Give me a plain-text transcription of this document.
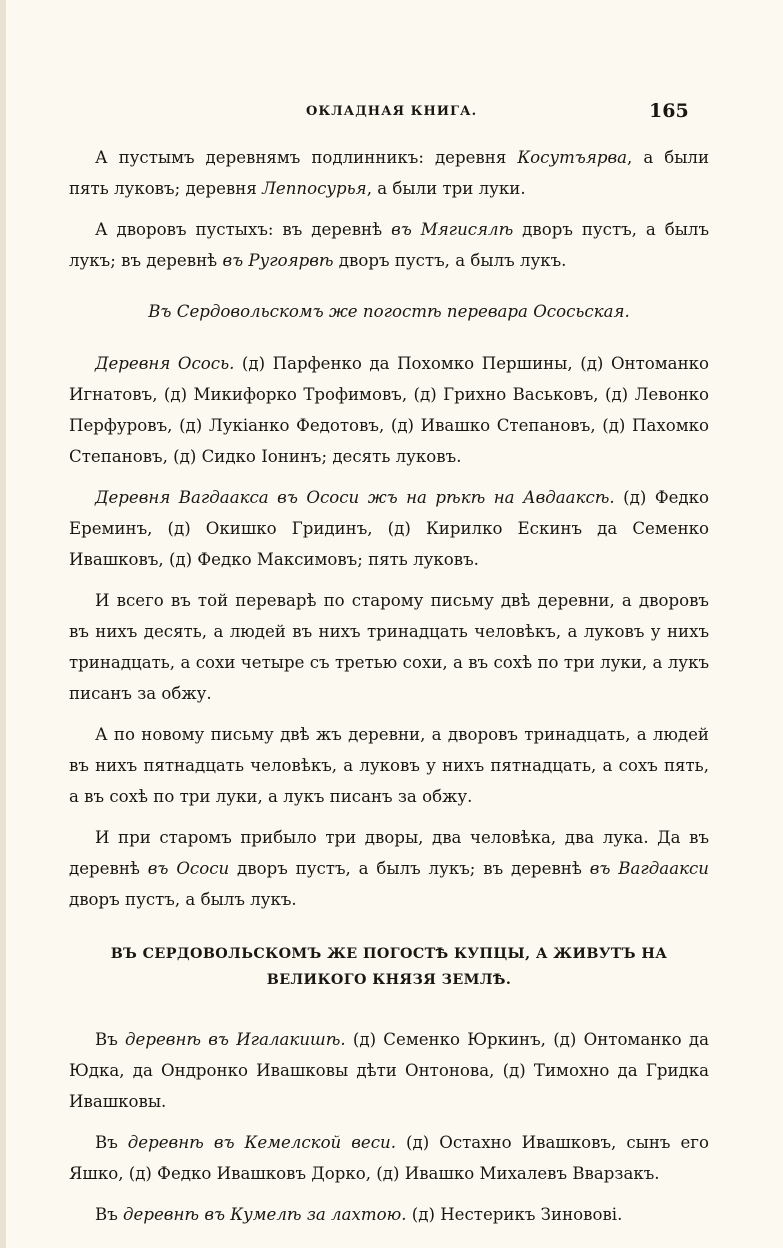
ОКЛАДНАЯ КНИГА.	165

А пустымъ деревнямъ подлинникъ: деревня Косутъярва, а были пять луковъ; деревня Леппосурья, а были три луки.

А дворовъ пустыхъ: въ деревнѣ въ Мягисялѣ дворъ пустъ, а былъ лукъ; въ деревнѣ въ Ругоярвѣ дворъ пустъ, а былъ лукъ.

Въ Сердовольскомъ же погостѣ перевара Ососьская.

Деревня Осось. (д) Парфенко да Похомко Першины, (д) Онтоманко Игнатовъ, (д) Микифорко Трофимовъ, (д) Грихно Васьковъ, (д) Левонко Перфуровъ, (д) Лукіанко Федотовъ, (д) Ивашко Степановъ, (д) Пахомко Степановъ, (д) Сидко Іонинъ; десять луковъ.

Деревня Вагдаакса въ Ососи жъ на рѣкѣ на Авдааксѣ. (д) Федко Ереминъ, (д) Окишко Гридинъ, (д) Кирилко Ескинъ да Семенко Ивашковъ, (д) Федко Максимовъ; пять луковъ.

И всего въ той переварѣ по старому письму двѣ деревни, а дворовъ въ нихъ десять, а людей въ нихъ тринадцать человѣкъ, а луковъ у нихъ тринадцать, а сохи четыре съ третью сохи, а въ сохѣ по три луки, а лукъ писанъ за обжу.

А по новому письму двѣ жъ деревни, а дворовъ тринадцать, а людей въ нихъ пятнадцать человѣкъ, а луковъ у нихъ пятнадцать, а сохъ пять, а въ сохѣ по три луки, а лукъ писанъ за обжу.

И при старомъ прибыло три дворы, два человѣка, два лука. Да въ деревнѣ въ Ососи дворъ пустъ, а былъ лукъ; въ деревнѣ въ Вагдаакси дворъ пустъ, а былъ лукъ.

ВЪ СЕРДОВОЛЬСКОМЪ ЖЕ ПОГОСТѢ КУПЦЫ, А ЖИВУТЪ НА ВЕЛИКОГО КНЯЗЯ ЗЕМЛѢ.

Въ деревнѣ въ Игалакишѣ. (д) Семенко Юркинъ, (д) Онтоманко да Юдка, да Ондронко Ивашковы дѣти Онтонова, (д) Тимохно да Гридка Ивашковы.

Въ деревнѣ въ Кемелской веси. (д) Остахно Ивашковъ, сынъ его Яшко, (д) Федко Ивашковъ Дорко, (д) Ивашко Михалевъ Вварзакъ.

Въ деревнѣ въ Кумелѣ за лахтою. (д) Нестерикъ Зиновові.
